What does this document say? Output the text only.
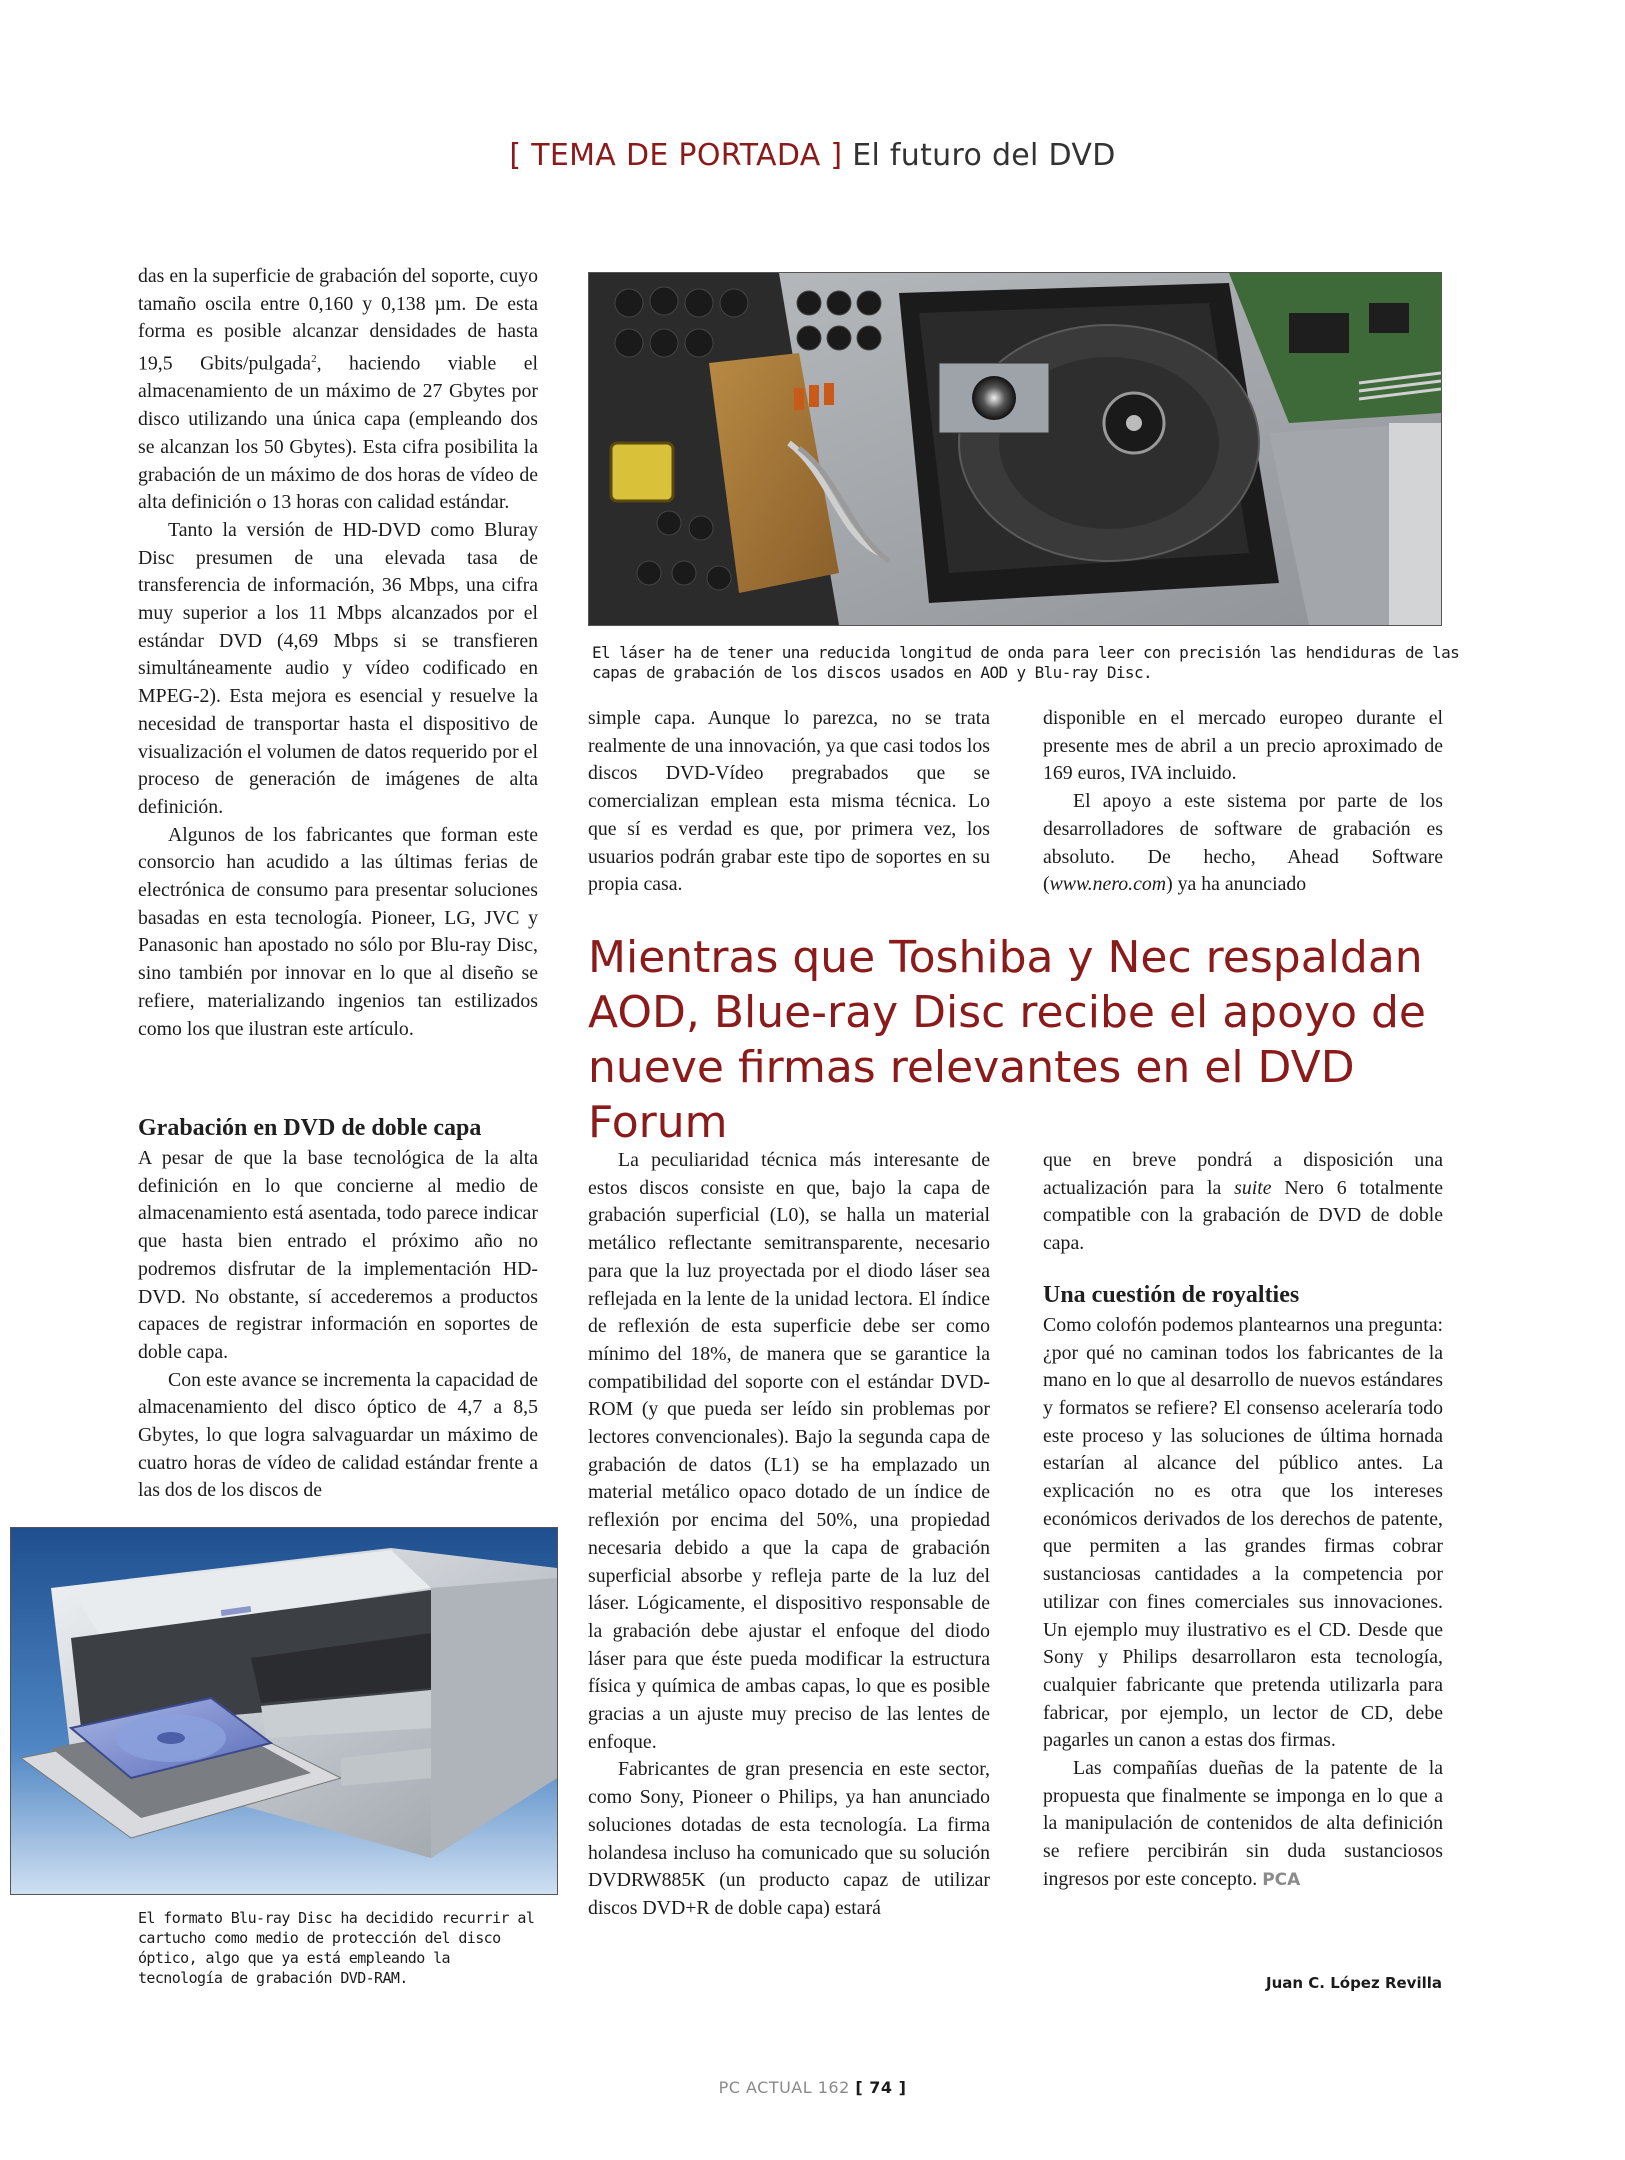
[ TEMA DE PORTADA ] El futuro del DVD

das en la superficie de grabación del soporte, cuyo tamaño oscila entre 0,160 y 0,138 µm. De esta forma es posible alcanzar densidades de hasta 19,5 Gbits/pulgada$^2$, haciendo viable el almacenamiento de un máximo de 27 Gbytes por disco utilizando una única capa (empleando dos se alcanzan los 50 Gbytes). Esta cifra posibilita la grabación de un máximo de dos horas de vídeo de alta definición o 13 horas con calidad estándar.

Tanto la versión de HD-DVD como Bluray Disc presumen de una elevada tasa de transferencia de información, 36 Mbps, una cifra muy superior a los 11 Mbps alcanzados por el estándar DVD (4,69 Mbps si se transfieren simultáneamente audio y vídeo codificado en MPEG-2). Esta mejora es esencial y resuelve la necesidad de transportar hasta el dispositivo de visualización el volumen de datos requerido por el proceso de generación de imágenes de alta definición.

Algunos de los fabricantes que forman este consorcio han acudido a las últimas ferias de electrónica de consumo para presentar soluciones basadas en esta tecnología. Pioneer, LG, JVC y Panasonic han apostado no sólo por Blu-ray Disc, sino también por innovar en lo que al diseño se refiere, materializando ingenios tan estilizados como los que ilustran este artículo.

Grabación en DVD de doble capa

A pesar de que la base tecnológica de la alta definición en lo que concierne al medio de almacenamiento está asentada, todo parece indicar que hasta bien entrado el próximo año no podremos disfrutar de la implementación HD-DVD. No obstante, sí accederemos a productos capaces de registrar información en soportes de doble capa.

Con este avance se incrementa la capacidad de almacenamiento del disco óptico de 4,7 a 8,5 Gbytes, lo que logra salvaguardar un máximo de cuatro horas de vídeo de calidad estándar frente a las dos de los discos de

El láser ha de tener una reducida longitud de onda para leer con precisión las hendiduras de las capas de grabación de los discos usados en AOD y Blu-ray Disc.

simple capa. Aunque lo parezca, no se trata realmente de una innovación, ya que casi todos los discos DVD-Vídeo pregrabados que se comercializan emplean esta misma técnica. Lo que sí es verdad es que, por primera vez, los usuarios podrán grabar este tipo de soportes en su propia casa.

disponible en el mercado europeo durante el presente mes de abril a un precio aproximado de 169 euros, IVA incluido.

El apoyo a este sistema por parte de los desarrolladores de software de grabación es absoluto. De hecho, Ahead Software (www.nero.com) ya ha anunciado

Mientras que Toshiba y Nec respaldan AOD, Blue-ray Disc recibe el apoyo de nueve firmas relevantes en el DVD Forum

La peculiaridad técnica más interesante de estos discos consiste en que, bajo la capa de grabación superficial (L0), se halla un material metálico reflectante semitransparente, necesario para que la luz proyectada por el diodo láser sea reflejada en la lente de la unidad lectora. El índice de reflexión de esta superficie debe ser como mínimo del 18%, de manera que se garantice la compatibilidad del soporte con el estándar DVD-ROM (y que pueda ser leído sin problemas por lectores convencionales). Bajo la segunda capa de grabación de datos (L1) se ha emplazado un material metálico opaco dotado de un índice de reflexión por encima del 50%, una propiedad necesaria debido a que la capa de grabación superficial absorbe y refleja parte de la luz del láser. Lógicamente, el dispositivo responsable de la grabación debe ajustar el enfoque del diodo láser para que éste pueda modificar la estructura física y química de ambas capas, lo que es posible gracias a un ajuste muy preciso de las lentes de enfoque.

Fabricantes de gran presencia en este sector, como Sony, Pioneer o Philips, ya han anunciado soluciones dotadas de esta tecnología. La firma holandesa incluso ha comunicado que su solución DVDRW885K (un producto capaz de utilizar discos DVD+R de doble capa) estará

que en breve pondrá a disposición una actualización para la suite Nero 6 totalmente compatible con la grabación de DVD de doble capa.

Una cuestión de royalties

Como colofón podemos plantearnos una pregunta: ¿por qué no caminan todos los fabricantes de la mano en lo que al desarrollo de nuevos estándares y formatos se refiere? El consenso aceleraría todo este proceso y las soluciones de última hornada estarían al alcance del público antes. La explicación no es otra que los intereses económicos derivados de los derechos de patente, que permiten a las grandes firmas cobrar sustanciosas cantidades a la competencia por utilizar con fines comerciales sus innovaciones. Un ejemplo muy ilustrativo es el CD. Desde que Sony y Philips desarrollaron esta tecnología, cualquier fabricante que pretenda utilizarla para fabricar, por ejemplo, un lector de CD, debe pagarles un canon a estas dos firmas.

Las compañías dueñas de la patente de la propuesta que finalmente se imponga en lo que a la manipulación de contenidos de alta definición se refiere percibirán sin duda sustanciosos ingresos por este concepto. PCA

Juan C. López Revilla
El formato Blu-ray Disc ha decidido recurrir al cartucho como medio de protección del disco óptico, algo que ya está empleando la tecnología de grabación DVD-RAM.
PC ACTUAL 162 [ 74 ]
